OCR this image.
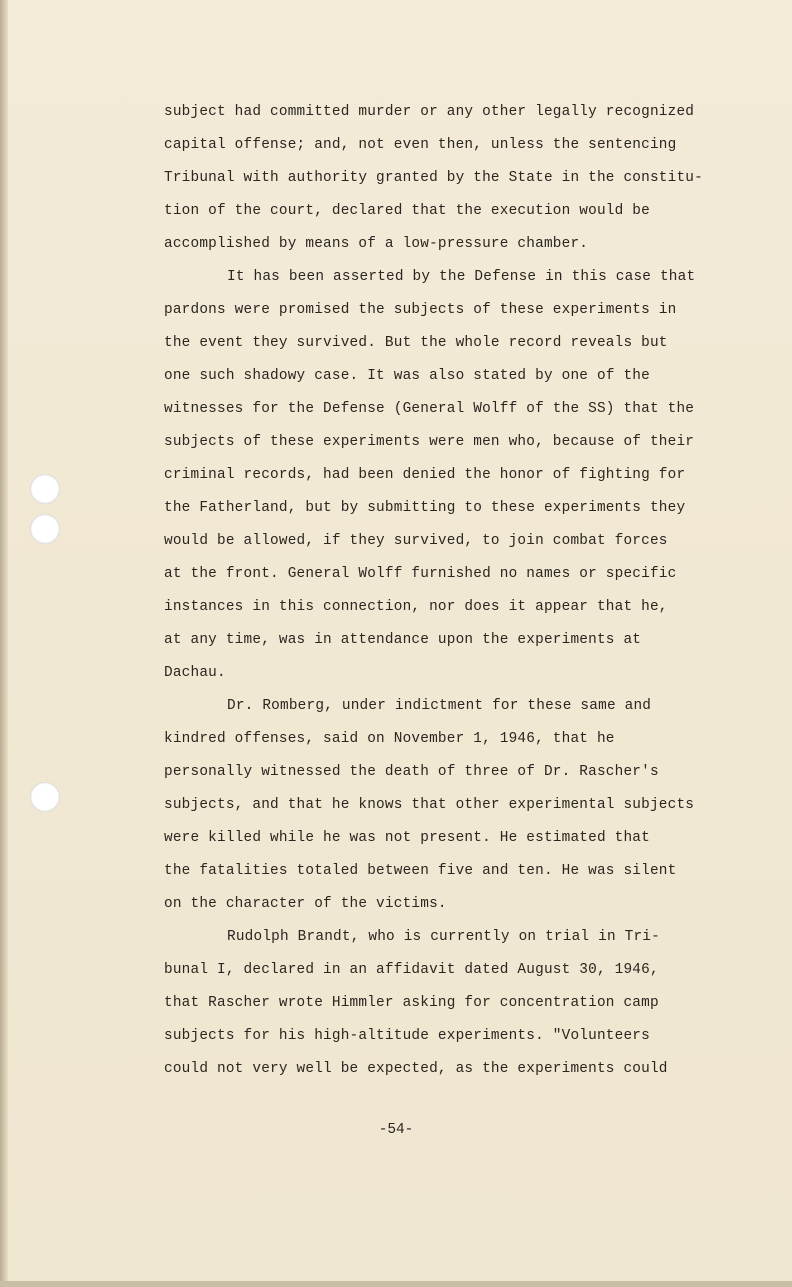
subject had committed murder or any other legally recognized
capital offense; and, not even then, unless the sentencing
Tribunal with authority granted by the State in the constitu-
tion of the court, declared that the execution would be
accomplished by means of a low-pressure chamber.
It has been asserted by the Defense in this case that
pardons were promised the subjects of these experiments in
the event they survived. But the whole record reveals but
one such shadowy case. It was also stated by one of the
witnesses for the Defense (General Wolff of the SS) that the
subjects of these experiments were men who, because of their
criminal records, had been denied the honor of fighting for
the Fatherland, but by submitting to these experiments they
would be allowed, if they survived, to join combat forces
at the front. General Wolff furnished no names or specific
instances in this connection, nor does it appear that he,
at any time, was in attendance upon the experiments at
Dachau.
Dr. Romberg, under indictment for these same and
kindred offenses, said on November 1, 1946, that he
personally witnessed the death of three of Dr. Rascher's
subjects, and that he knows that other experimental subjects
were killed while he was not present. He estimated that
the fatalities totaled between five and ten. He was silent
on the character of the victims.
Rudolph Brandt, who is currently on trial in Tri-
bunal I, declared in an affidavit dated August 30, 1946,
that Rascher wrote Himmler asking for concentration camp
subjects for his high-altitude experiments. "Volunteers
could not very well be expected, as the experiments could
-54-
